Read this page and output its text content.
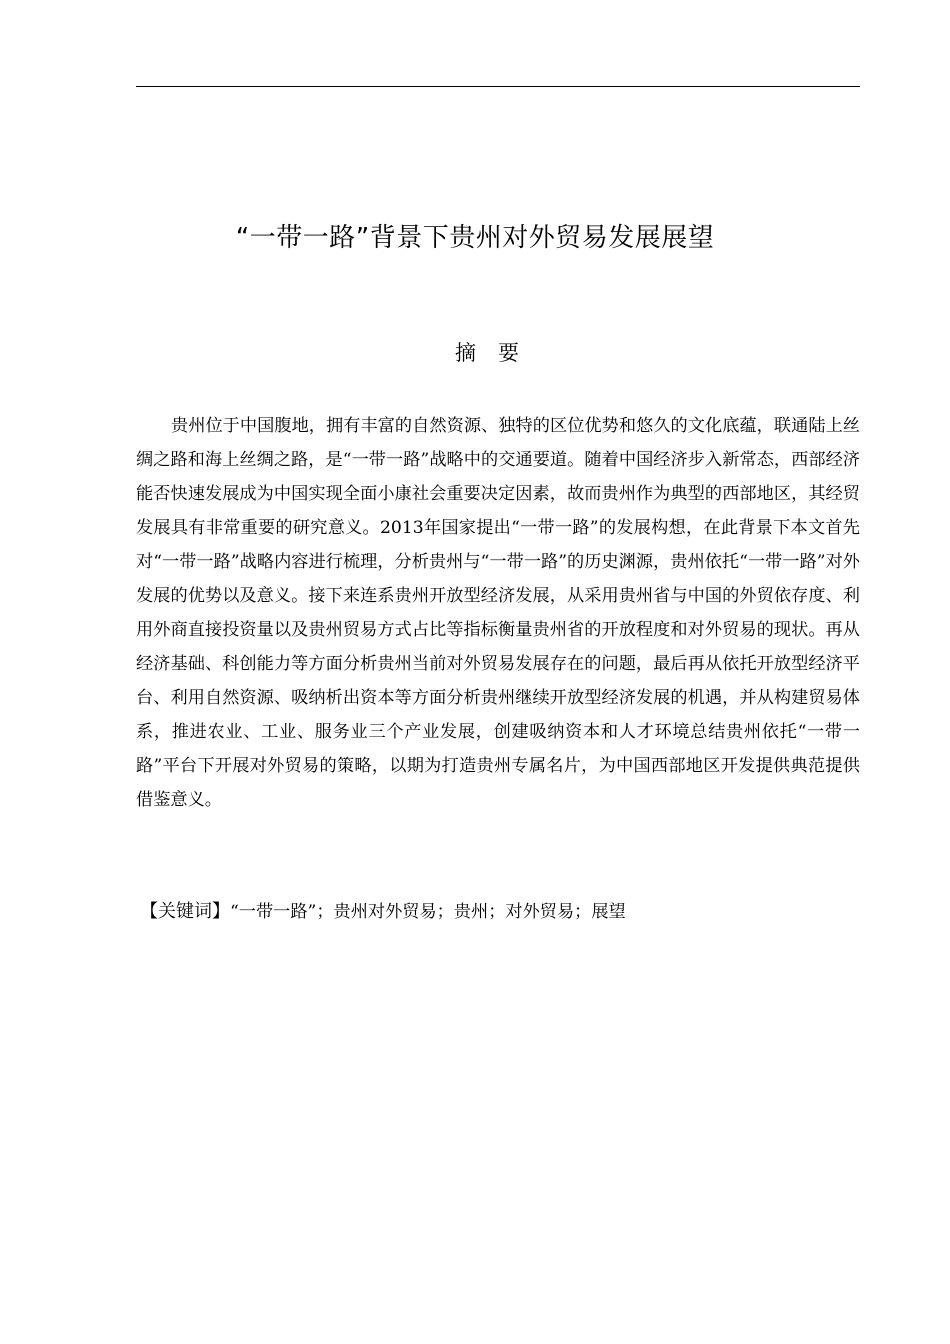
“一带一路”背景下贵州对外贸易发展展望
摘要

贵州位于中国腹地，拥有丰富的自然资源、独特的区位优势和悠久的文化底蕴，联通陆上丝绸之路和海上丝绸之路，是“一带一路”战略中的交通要道。随着中国经济步入新常态，西部经济能否快速发展成为中国实现全面小康社会重要决定因素，故而贵州作为典型的西部地区，其经贸发展具有非常重要的研究意义。2013年国家提出“一带一路”的发展构想，在此背景下本文首先对“一带一路”战略内容进行梳理，分析贵州与“一带一路”的历史渊源，贵州依托“一带一路”对外发展的优势以及意义。接下来连系贵州开放型经济发展，从采用贵州省与中国的外贸依存度、利用外商直接投资量以及贵州贸易方式占比等指标衡量贵州省的开放程度和对外贸易的现状。再从经济基础、科创能力等方面分析贵州当前对外贸易发展存在的问题，最后再从依托开放型经济平台、利用自然资源、吸纳析出资本等方面分析贵州继续开放型经济发展的机遇，并从构建贸易体系，推进农业、工业、服务业三个产业发展，创建吸纳资本和人才环境总结贵州依托“一带一路”平台下开展对外贸易的策略，以期为打造贵州专属名片，为中国西部地区开发提供典范提供借鉴意义。

【关键词】“一带一路”；贵州对外贸易；贵州；对外贸易；展望
